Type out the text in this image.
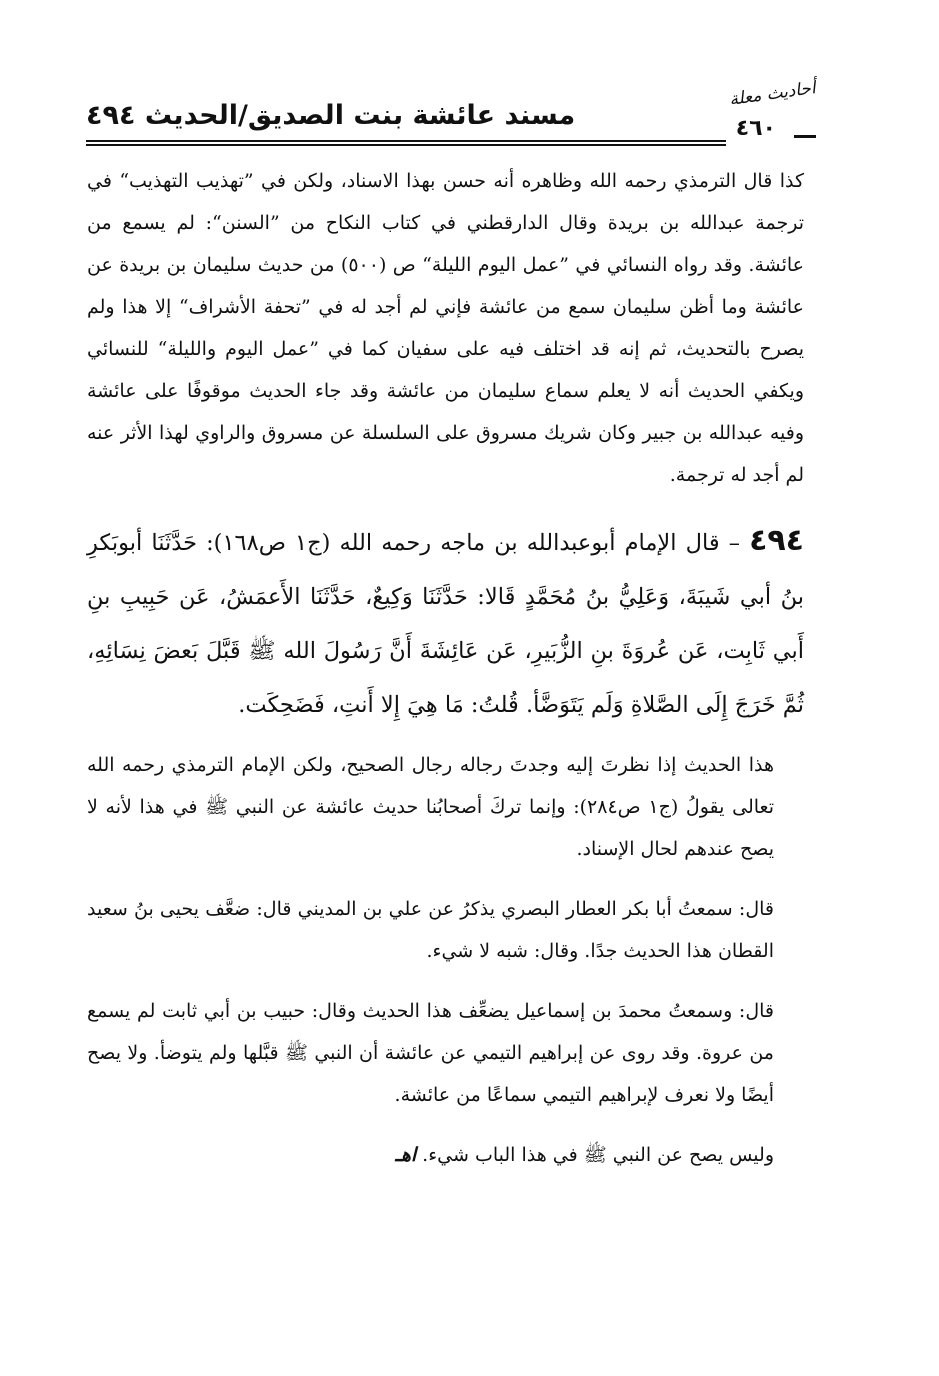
مسند عائشة بنت الصديق/الحديث ٤٩٤
أحاديث معلة
٤٦٠

كذا قال الترمذي رحمه الله وظاهره أنه حسن بهذا الاسناد، ولكن في ”تهذيب التهذيب“ في ترجمة عبدالله بن بريدة وقال الدارقطني في كتاب النكاح من ”السنن“: لم يسمع من عائشة. وقد رواه النسائي في ”عمل اليوم الليلة“ ص (٥٠٠) من حديث سليمان بن بريدة عن عائشة وما أظن سليمان سمع من عائشة فإني لم أجد له في ”تحفة الأشراف“ إلا هذا ولم يصرح بالتحديث، ثم إنه قد اختلف فيه على سفيان كما في ”عمل اليوم والليلة“ للنسائي ويكفي الحديث أنه لا يعلم سماع سليمان من عائشة وقد جاء الحديث موقوفًا على عائشة وفيه عبدالله بن جبير وكان شريك مسروق على السلسلة عن مسروق والراوي لهذا الأثر عنه لم أجد له ترجمة.

٤٩٤ – قال الإمام أبوعبدالله بن ماجه رحمه الله (ج١ ص١٦٨): حَدَّثَنَا أبوبَكرِ بنُ أبي شَيبَةَ، وَعَلِيُّ بنُ مُحَمَّدٍ قَالا: حَدَّثَنَا وَكِيعٌ، حَدَّثَنَا الأَعمَشُ، عَن حَبِيبِ بنِ أَبي ثَابِت، عَن عُروَةَ بنِ الزُّبَيرِ، عَن عَائِشَةَ أَنَّ رَسُولَ الله ﷺ قَبَّلَ بَعضَ نِسَائِهِ، ثُمَّ خَرَجَ إِلَى الصَّلاةِ وَلَم يَتَوَضَّأ. قُلتُ: مَا هِيَ إِلا أَنتِ، فَضَحِكَت.

هذا الحديث إذا نظرتَ إليه وجدتَ رجاله رجال الصحيح، ولكن الإمام الترمذي رحمه الله تعالى يقولُ (ج١ ص٢٨٤): وإنما تركَ أصحابُنا حديث عائشة عن النبي ﷺ في هذا لأنه لا يصح عندهم لحال الإسناد.

قال: سمعتُ أبا بكر العطار البصري يذكرُ عن علي بن المديني قال: ضعَّف يحيى بنُ سعيد القطان هذا الحديث جدًا. وقال: شبه لا شيء.

قال: وسمعتُ محمدَ بن إسماعيل يضعِّف هذا الحديث وقال: حبيب بن أبي ثابت لم يسمع من عروة. وقد روى عن إبراهيم التيمي عن عائشة أن النبي ﷺ قبَّلها ولم يتوضأ. ولا يصح أيضًا ولا نعرف لإبراهيم التيمي سماعًا من عائشة.

وليس يصح عن النبي ﷺ في هذا الباب شيء. اهـ
